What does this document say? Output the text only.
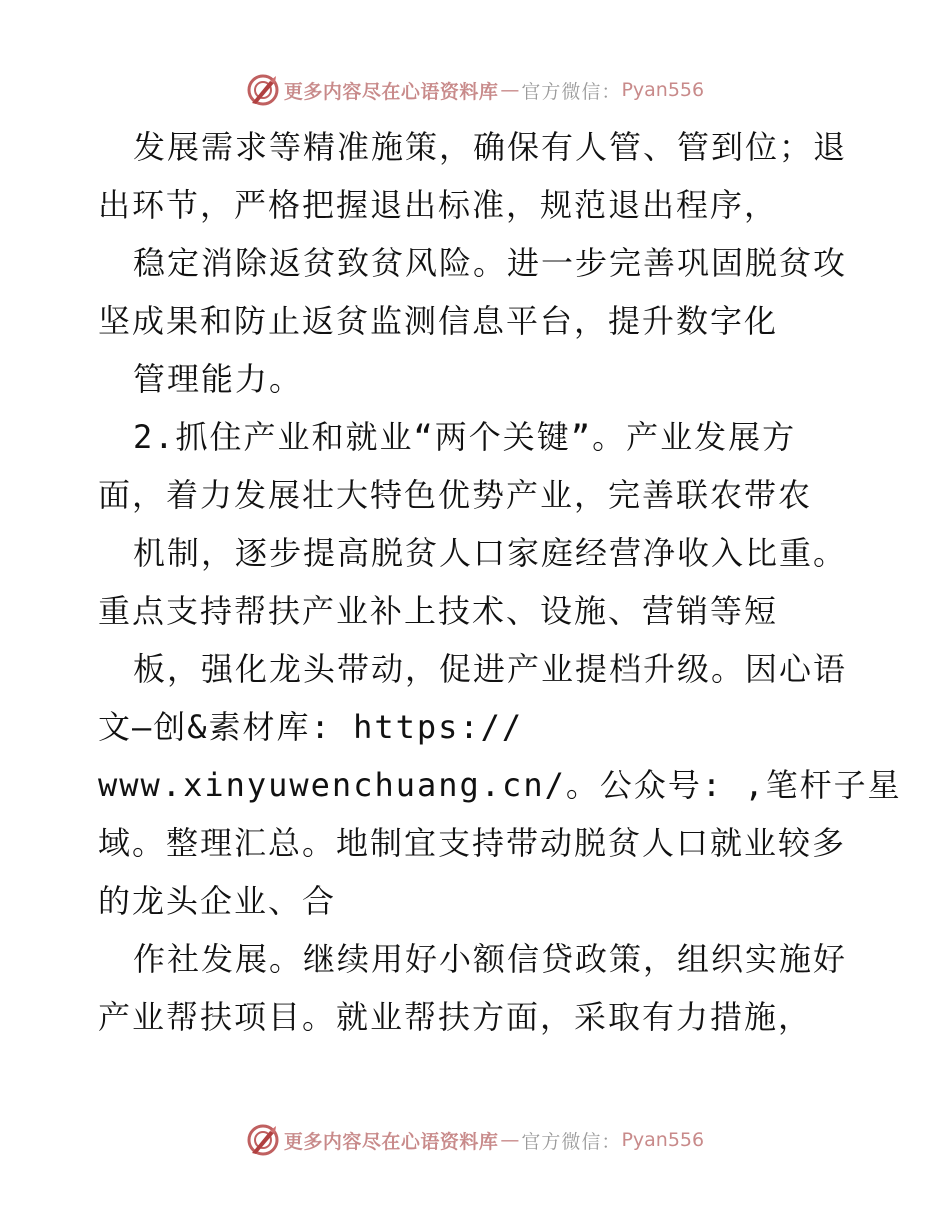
更多内容尽在心语资料库 — 官方微信： Pyan556
发展需求等精准施策，确保有人管、管到位；退
出环节，严格把握退出标准，规范退出程序，
稳定消除返贫致贫风险。进一步完善巩固脱贫攻
坚成果和防止返贫监测信息平台，提升数字化
管理能力。
2.抓住产业和就业“两个关键”。产业发展方
面，着力发展壮大特色优势产业，完善联农带农
机制，逐步提高脱贫人口家庭经营净收入比重。
重点支持帮扶产业补上技术、设施、营销等短
板，强化龙头带动，促进产业提档升级。因心语
文—创&素材库: https://
www.xinyuwenchuang.cn/。公众号: ,笔杆子星
域。整理汇总。地制宜支持带动脱贫人口就业较多
的龙头企业、合
作社发展。继续用好小额信贷政策，组织实施好
产业帮扶项目。就业帮扶方面，采取有力措施，
更多内容尽在心语资料库 — 官方微信： Pyan556
